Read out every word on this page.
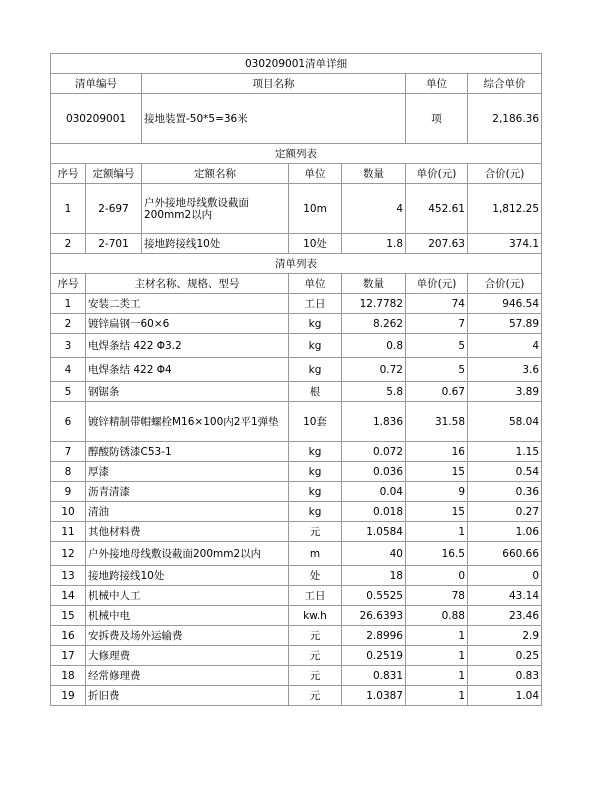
030209001清单详细						
清单编号		项目名称			单位	综合单价
030209001		接地装置-50*5=36米			项	2,186.36
定额列表						
序号	定额编号	定额名称	单位	数量	单价(元)	合价(元)
1	2-697	户外接地母线敷设截面200mm2以内	10m	4	452.61	1,812.25
2	2-701	接地跨接线10处	10处	1.8	207.63	374.1
清单列表						
序号	主材名称、规格、型号		单位	数量	单价(元)	合价(元)
1	安装二类工		工日	12.7782	74	946.54
2	镀锌扁钢一60×6		kg	8.262	7	57.89
3	电焊条结 422 Φ3.2		kg	0.8	5	4
4	电焊条结 422 Φ4		kg	0.72	5	3.6
5	钢锯条		根	5.8	0.67	3.89
6	镀锌精制带帽螺栓M16×100内2平1弹垫		10套	1.836	31.58	58.04
7	醇酸防锈漆C53-1		kg	0.072	16	1.15
8	厚漆		kg	0.036	15	0.54
9	沥青清漆		kg	0.04	9	0.36
10	清油		kg	0.018	15	0.27
11	其他材料费		元	1.0584	1	1.06
12	户外接地母线敷设截面200mm2以内		m	40	16.5	660.66
13	接地跨接线10处		处	18	0	0
14	机械中人工		工日	0.5525	78	43.14
15	机械中电		kw.h	26.6393	0.88	23.46
16	安拆费及场外运输费		元	2.8996	1	2.9
17	大修理费		元	0.2519	1	0.25
18	经常修理费		元	0.831	1	0.83
19	折旧费		元	1.0387	1	1.04
